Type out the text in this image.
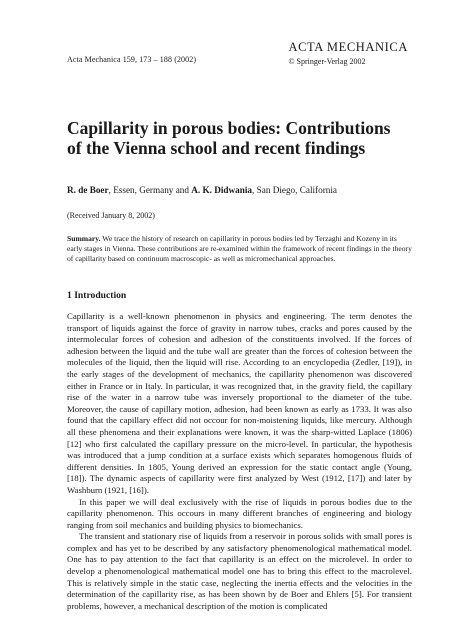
Acta Mechanica 159, 173 – 188 (2002)
ACTA MECHANICA
© Springer-Verlag 2002
Capillarity in porous bodies: Contributions of the Vienna school and recent findings
R. de Boer, Essen, Germany and A. K. Didwania, San Diego, California
(Received January 8, 2002)
Summary. We trace the history of research on capillarity in porous bodies led by Terzaghi and Kozeny in its early stages in Vienna. These contributions are re-examined within the framework of recent findings in the theory of capillarity based on continuum macroscopic- as well as micromechanical approaches.
1 Introduction

Capillarity is a well-known phenomenon in physics and engineering. The term denotes the transport of liquids against the force of gravity in narrow tubes, cracks and pores caused by the intermolecular forces of cohesion and adhesion of the constituents involved. If the forces of adhesion between the liquid and the tube wall are greater than the forces of cohesion between the molecules of the liquid, then the liquid will rise. According to an encyclopedia (Zedler, [19]), in the early stages of the development of mechanics, the capillarity phenomenon was discovered either in France or in Italy. In particular, it was recognized that, in the gravity field, the capillary rise of the water in a narrow tube was inversely proportional to the diameter of the tube. Moreover, the cause of capillary motion, adhesion, had been known as early as 1733. It was also found that the capillary effect did not occour for non-moistening liquids, like mercury. Although all these phenomena and their explanations were known, it was the sharp-witted Laplace (1806) [12] who first calculated the capillary pressure on the micro-level. In particular, the hypothesis was introduced that a jump condition at a surface exists which separates homogenous fluids of different densities. In 1805, Young derived an expression for the static contact angle (Young, [18]). The dynamic aspects of capillarity were first analyzed by West (1912, [17]) and later by Washburn (1921, [16]).

In this paper we will deal exclusively with the rise of liquids in porous bodies due to the capillarity phenomenon. This occours in many different branches of engineering and biology ranging from soil mechanics and building physics to biomechanics.

The transient and stationary rise of liquids from a reservoir in porous solids with small pores is complex and has yet to be described by any satisfactory phenomenological mathematical model. One has to pay attention to the fact that capillarity is an effect on the microlevel. In order to develop a phenomenological mathematical model one has to bring this effect to the macrolevel. This is relatively simple in the static case, neglecting the inertia effects and the velocities in the determination of the capillarity rise, as has been shown by de Boer and Ehlers [5]. For transient problems, however, a mechanical description of the motion is complicated
